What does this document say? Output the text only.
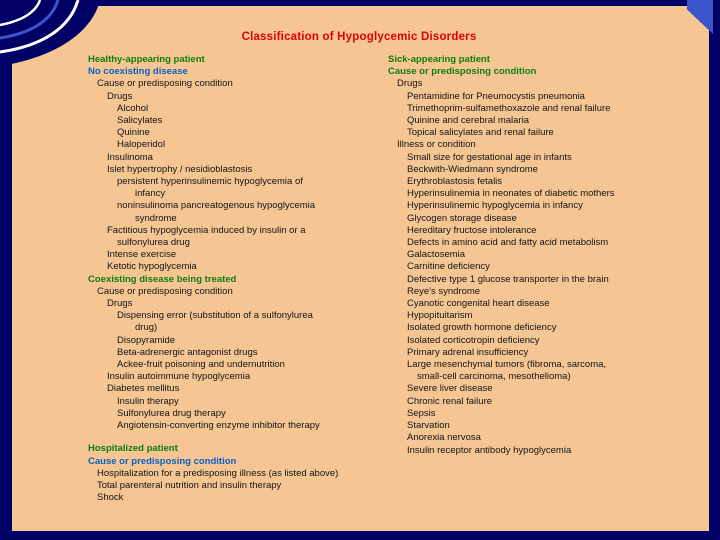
Classification of Hypoglycemic Disorders
Healthy-appearing patient
No coexisting disease
Cause or predisposing condition
Drugs
Alcohol
Salicylates
Quinine
Haloperidol
Insulinoma
Islet hypertrophy / nesidioblastosis
persistent hyperinsulinemic hypoglycemia of
infancy
noninsulinoma pancreatogenous hypoglycemia
syndrome
Factitious hypoglycemia induced by insulin or a
sulfonylurea drug
Intense exercise
Ketotic hypoglycemia
Coexisting disease being treated
Cause or predisposing condition
Drugs
Dispensing error (substitution of a sulfonylurea
drug)
Disopyramide
Beta-adrenergic antagonist drugs
Ackee-fruit poisoning and undernutrition
Insulin autoimmune hypoglycemia
Diabetes mellitus
Insulin therapy
Sulfonylurea drug therapy
Angiotensin-converting enzyme inhibitor therapy
Hospitalized patient
Cause or predisposing condition
Hospitalization for a predisposing illness (as listed above)
Total parenteral nutrition and insulin therapy
Shock
Sick-appearing patient
Cause or predisposing condition
Drugs
Pentamidine for Pneumocystis pneumonia
Trimethoprim-sulfamethoxazole and renal failure
Quinine and cerebral malaria
Topical salicylates and renal failure
Illness or condition
Small size for gestational age in infants
Beckwith-Wiedmann syndrome
Erythroblastosis fetalis
Hyperinsulinemia in neonates of diabetic mothers
Hyperinsulinemic hypoglycemia in infancy
Glycogen storage disease
Hereditary fructose intolerance
Defects in amino acid and fatty acid metabolism
Galactosemia
Carnitine deficiency
Defective type 1 glucose transporter in the brain
Reye's syndrome
Cyanotic congenital heart disease
Hypopituitarism
Isolated growth hormone deficiency
Isolated corticotropin deficiency
Primary adrenal insufficiency
Large mesenchymal tumors (fibroma, sarcoma,
small-cell carcinoma, mesothelioma)
Severe liver disease
Chronic renal failure
Sepsis
Starvation
Anorexia nervosa
Insulin receptor antibody hypoglycemia
